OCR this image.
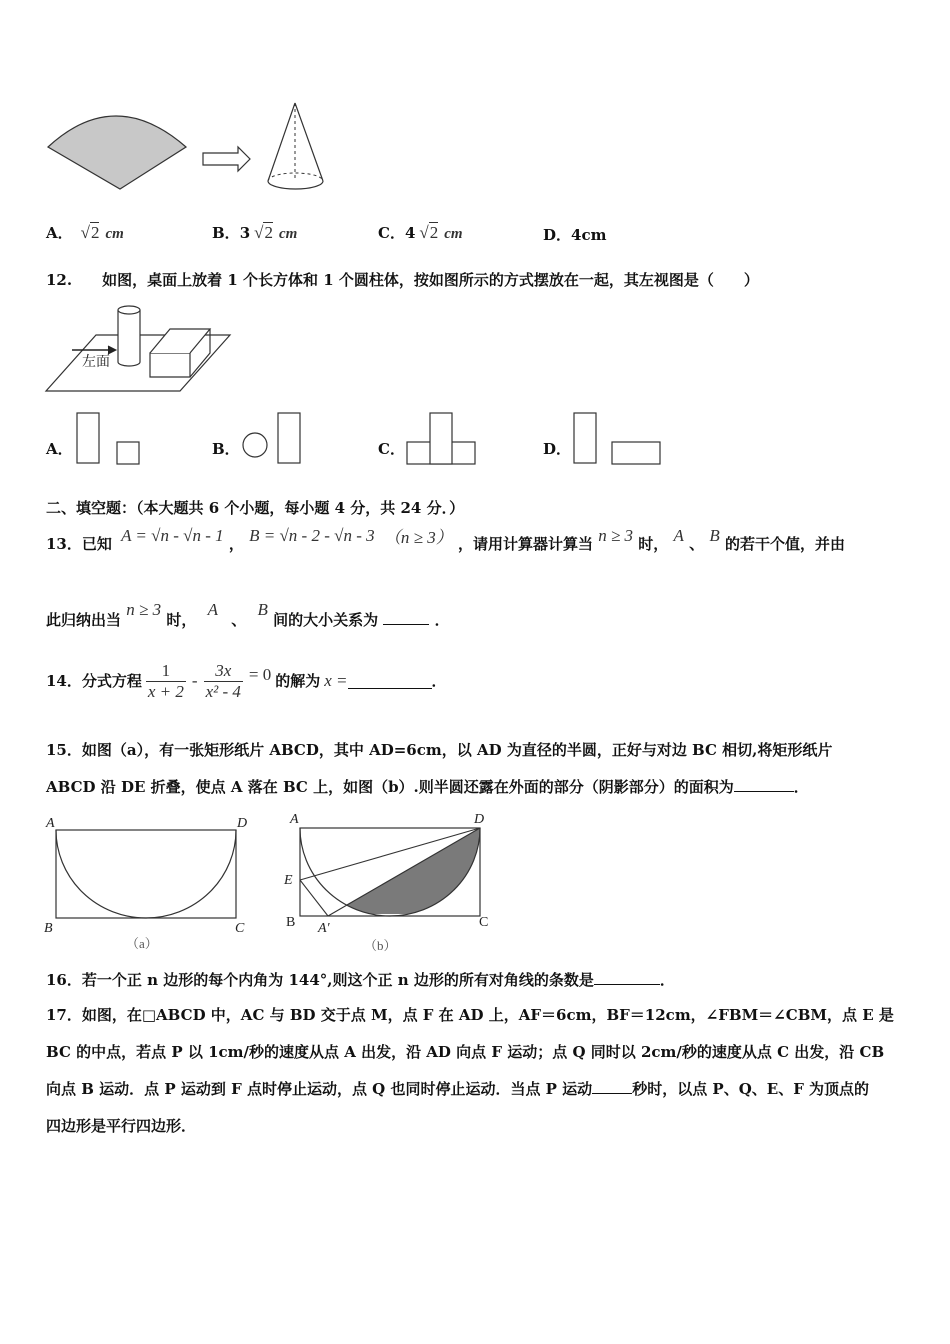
A． √2 cm	B．3 √2 cm	C．4 √2 cm	D．4cm
12. 如图，桌面上放着 1 个长方体和 1 个圆柱体，按如图所示的方式摆放在一起，其左视图是（　　）
左面
A．	B．	C．	D．
二、填空题：（本大题共 6 个小题，每小题 4 分，共 24 分．）
13．已知 A = √n - √n - 1 ， B = √n - 2 - √n - 3 （n ≥ 3） ，请用计算器计算当 n ≥ 3 时， A 、 B 的若干个值，并由
此归纳出当 n ≥ 3 时， A 、 B 间的大小关系为	．
14．分式方程 $\frac{1}{x + 2} - \frac{3x}{\text{x² - 4}} = 0$ 的解为 x =	．
15．如图（a），有一张矩形纸片 ABCD，其中 AD=6cm，以 AD 为直径的半圆，正好与对边 BC 相切,将矩形纸片
ABCD 沿 DE 折叠，使点 A 落在 BC 上，如图（b）.则半圆还露在外面的部分（阴影部分）的面积为	．
A	D
B	C
（a）
A	D
E
B A′	C
（b）
16．若一个正 n 边形的每个内角为 144°,则这个正 n 边形的所有对角线的条数是	．
17．如图，在□ABCD 中，AC 与 BD 交于点 M，点 F 在 AD 上，AF＝6cm，BF＝12cm，∠FBM＝∠CBM，点 E 是
BC 的中点，若点 P 以 1cm/秒的速度从点 A 出发，沿 AD 向点 F 运动；点 Q 同时以 2cm/秒的速度从点 C 出发，沿 CB
向点 B 运动．点 P 运动到 F 点时停止运动，点 Q 也同时停止运动．当点 P 运动	秒时，以点 P、Q、E、F 为顶点的
四边形是平行四边形．
